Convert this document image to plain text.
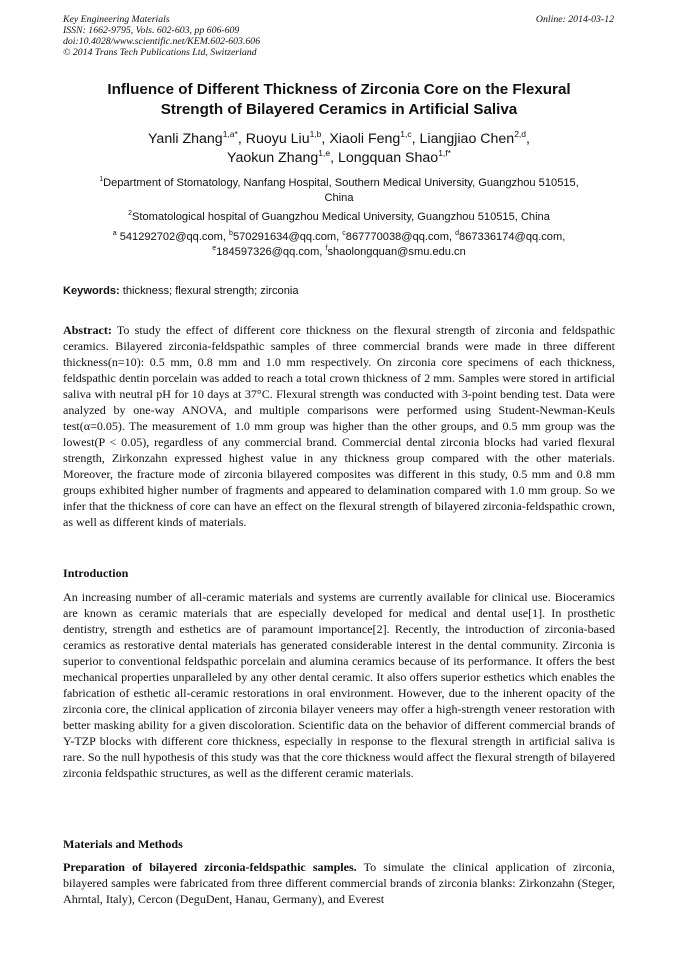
Key Engineering Materials
ISSN: 1662-9795, Vols. 602-603, pp 606-609
doi:10.4028/www.scientific.net/KEM.602-603.606
© 2014 Trans Tech Publications Ltd, Switzerland
Online: 2014-03-12
Influence of Different Thickness of Zirconia Core on the Flexural
Strength of Bilayered Ceramics in Artificial Saliva
Yanli Zhang$^{1,a*}$, Ruoyu Liu$^{1,b}$, Xiaoli Feng$^{1,c}$, Liangjiao Chen$^{2,d}$,
Yaokun Zhang$^{1,e}$, Longquan Shao$^{1,f*}$
$^1$Department of Stomatology, Nanfang Hospital, Southern Medical University, Guangzhou 510515,
China
$^2$Stomatological hospital of Guangzhou Medical University, Guangzhou 510515, China
$^a$ 541292702@qq.com, $^b$570291634@qq.com, $^c$867770038@qq.com, $^d$867336174@qq.com,
$^e$184597326@qq.com, $^f$shaolongquan@smu.edu.cn

Keywords: thickness; flexural strength; zirconia

Abstract: To study the effect of different core thickness on the flexural strength of zirconia and feldspathic ceramics. Bilayered zirconia-feldspathic samples of three commercial brands were made in three different thickness(n=10): 0.5 mm, 0.8 mm and 1.0 mm respectively. On zirconia core specimens of each thickness, feldspathic dentin porcelain was added to reach a total crown thickness of 2 mm. Samples were stored in artificial saliva with neutral pH for 10 days at 37°C. Flexural strength was conducted with 3-point bending test. Data were analyzed by one-way ANOVA, and multiple comparisons were performed using Student-Newman-Keuls test(α=0.05). The measurement of 1.0 mm group was higher than the other groups, and 0.5 mm group was the lowest(P < 0.05), regardless of any commercial brand. Commercial dental zirconia blocks had varied flexural strength, Zirkonzahn expressed highest value in any thickness group compared with the other materials. Moreover, the fracture mode of zirconia bilayered composites was different in this study, 0.5 mm and 0.8 mm groups exhibited higher number of fragments and appeared to delamination compared with 1.0 mm group. So we infer that the thickness of core can have an effect on the flexural strength of bilayered zirconia-feldspathic crown, as well as different kinds of materials.

Introduction

An increasing number of all-ceramic materials and systems are currently available for clinical use. Bioceramics are known as ceramic materials that are especially developed for medical and dental use[1]. In prosthetic dentistry, strength and esthetics are of paramount importance[2]. Recently, the introduction of zirconia-based ceramics as restorative dental materials has generated considerable interest in the dental community. Zirconia is superior to conventional feldspathic porcelain and alumina ceramics because of its performance. It offers the best mechanical properties unparalleled by any other dental ceramic. It also offers superior esthetics which enables the fabrication of esthetic all-ceramic restorations in oral environment. However, due to the inherent opacity of the zirconia core, the clinical application of zirconia bilayer veneers may offer a high-strength veneer restoration with better masking ability for a given discoloration. Scientific data on the behavior of different commercial brands of Y-TZP blocks with different core thickness, especially in response to the flexural strength in artificial saliva is rare. So the null hypothesis of this study was that the core thickness would affect the flexural strength of bilayered zirconia feldspathic structures, as well as the different ceramic materials.

Materials and Methods

Preparation of bilayered zirconia-feldspathic samples. To simulate the clinical application of zirconia, bilayered samples were fabricated from three different commercial brands of zirconia blanks: Zirkonzahn (Steger, Ahrntal, Italy), Cercon (DeguDent, Hanau, Germany), and Everest
